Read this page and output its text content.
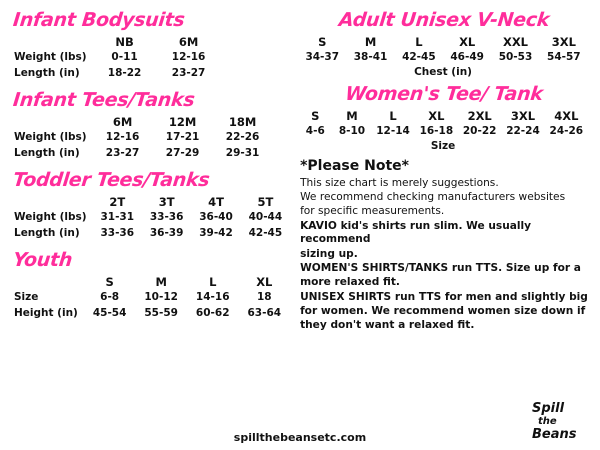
Infant Bodysuits
	NB	6M
Weight (lbs)	0-11	12-16
Length (in)	18-22	23-27
Infant Tees/Tanks
	6M	12M	18M
Weight (lbs)	12-16	17-21	22-26
Length (in)	23-27	27-29	29-31
Toddler Tees/Tanks
	2T	3T	4T	5T
Weight (lbs)	31-31	33-36	36-40	40-44
Length (in)	33-36	36-39	39-42	42-45
Youth
	S	M	L	XL
Size	6-8	10-12	14-16	18
Height (in)	45-54	55-59	60-62	63-64
Adult Unisex V-Neck
S	M	L	XL	XXL	3XL
34-37	38-41	42-45	46-49	50-53	54-57
Chest (in)
Women's Tee/ Tank
S	M	L	XL	2XL	3XL	4XL
4-6	8-10	12-14	16-18	20-22	22-24	24-26
Size
*Please Note*

This size chart is merely suggestions.

We recommend checking manufacturers websites

for specific measurements.

KAVIO kid's shirts run slim. We usually recommend

sizing up.

WOMEN'S SHIRTS/TANKS run TTS. Size up for a

more relaxed fit.

UNISEX SHIRTS run TTS for men and slightly big

for women. We recommend women size down if

they don't want a relaxed fit.

spillthebeansetc.com
Spill
the
Beans
